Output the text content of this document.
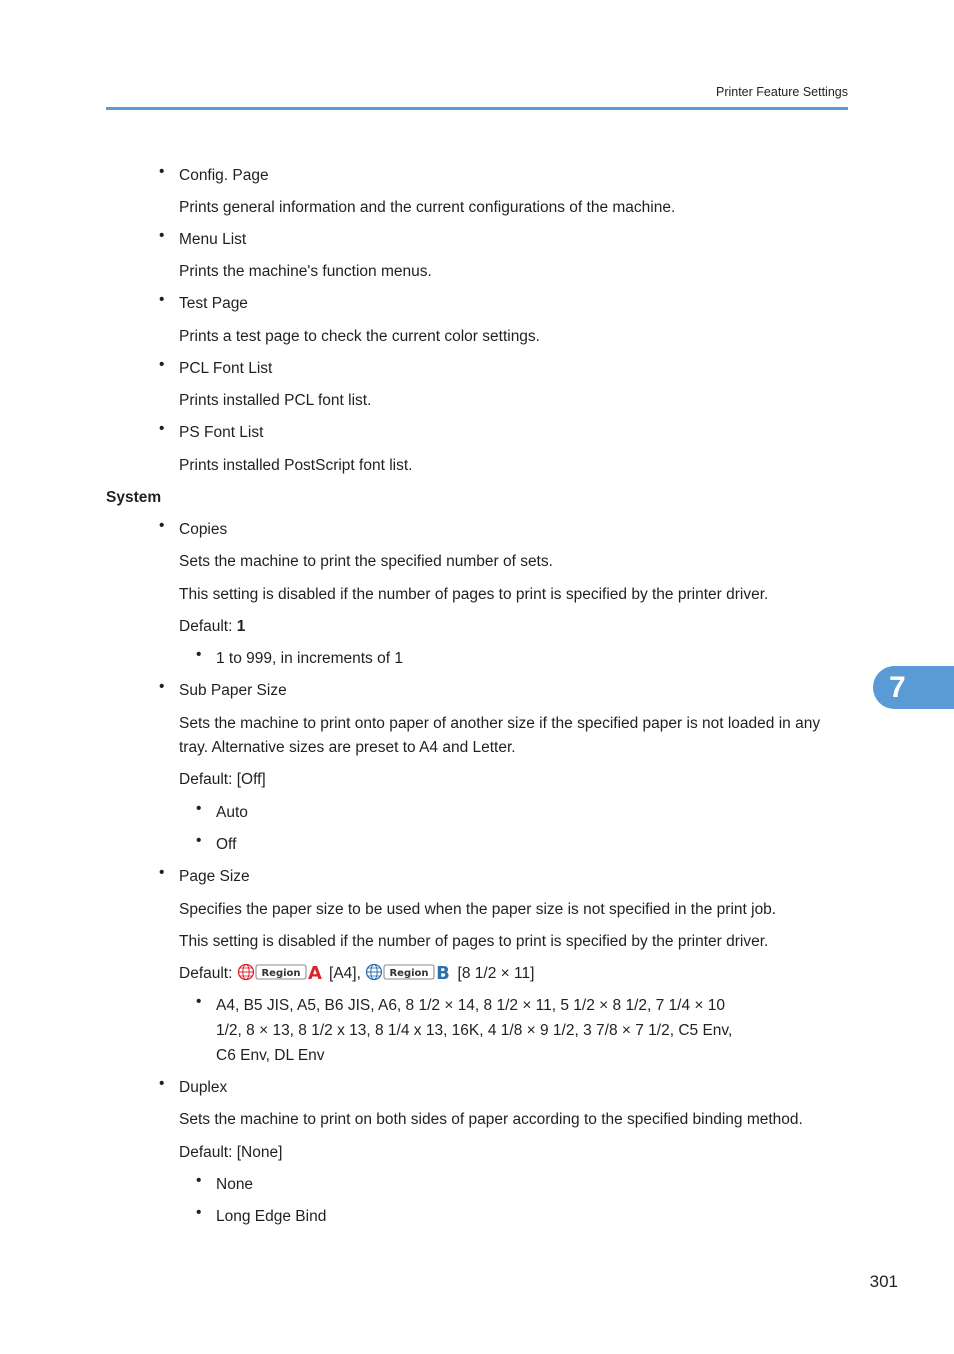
Printer Feature Settings
• Config. Page
Prints general information and the current configurations of the machine.
• Menu List
Prints the machine's function menus.
• Test Page
Prints a test page to check the current color settings.
• PCL Font List
Prints installed PCL font list.
• PS Font List
Prints installed PostScript font list.
System
• Copies
Sets the machine to print the specified number of sets.
This setting is disabled if the number of pages to print is specified by the printer driver.
Default: 1
• 1 to 999, in increments of 1
• Sub Paper Size
Sets the machine to print onto paper of another size if the specified paper is not loaded in any
tray. Alternative sizes are preset to A4 and Letter.
Default: [Off]
• Auto
• Off
• Page Size
Specifies the paper size to be used when the paper size is not specified in the print job.
This setting is disabled if the number of pages to print is specified by the printer driver.
Default: Region A [A4], Region B [8 1/2 × 11]
• A4, B5 JIS, A5, B6 JIS, A6, 8 1/2 × 14, 8 1/2 × 11, 5 1/2 × 8 1/2, 7 1/4 × 10
1/2, 8 × 13, 8 1/2 x 13, 8 1/4 x 13, 16K, 4 1/8 × 9 1/2, 3 7/8 × 7 1/2, C5 Env,
C6 Env, DL Env
• Duplex
Sets the machine to print on both sides of paper according to the specified binding method.
Default: [None]
• None
• Long Edge Bind
7
301
